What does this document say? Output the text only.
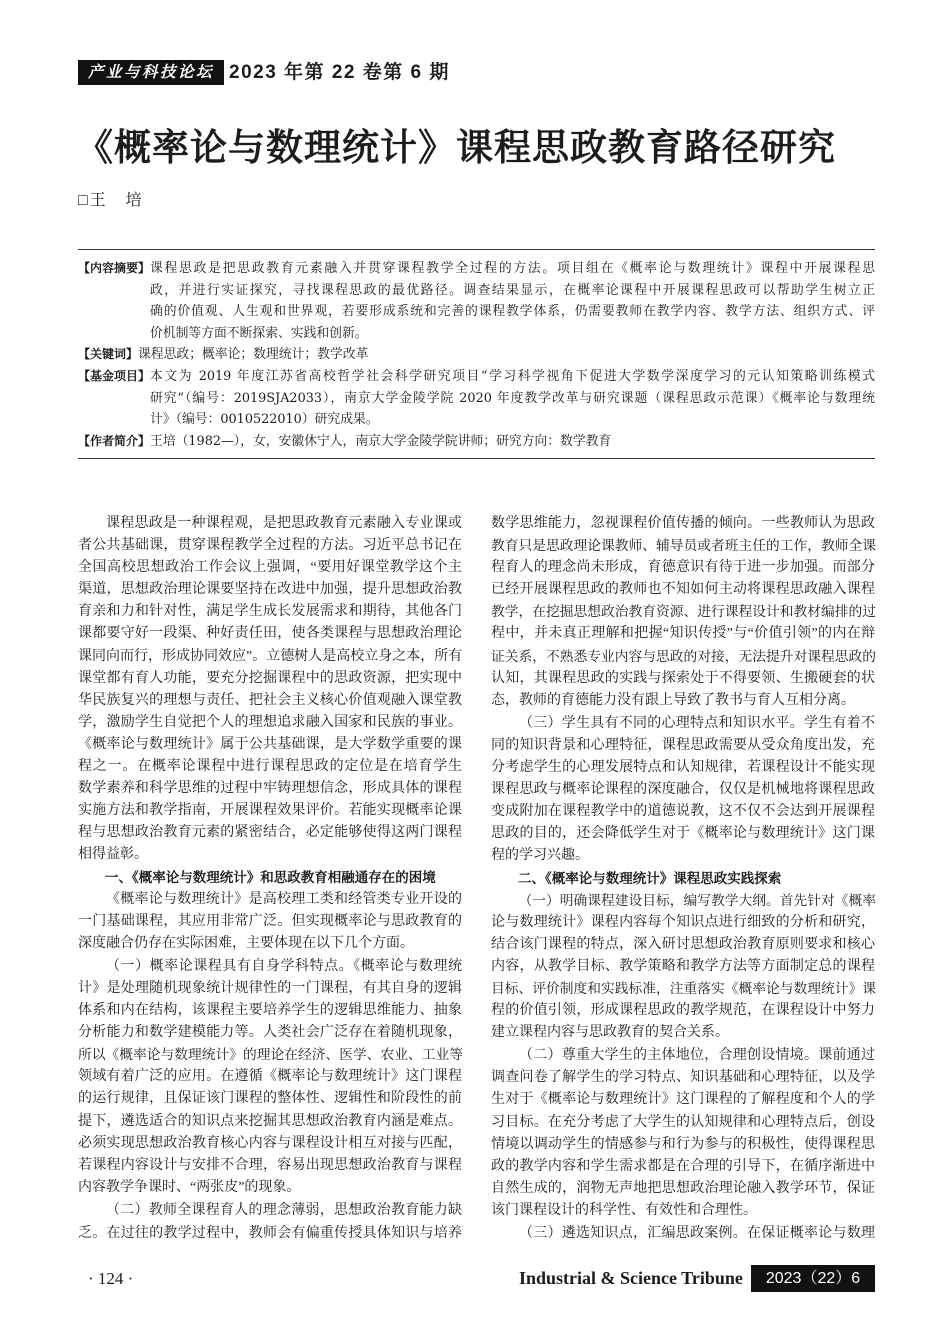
产业与科技论坛 2023 年第 22 卷第 6 期
《概率论与数理统计》课程思政教育路径研究
□王　培
【内容摘要】 课程思政是把思政教育元素融入并贯穿课程教学全过程的方法。项目组在《概率论与数理统计》课程中开展课程思
政，并进行实证探究，寻找课程思政的最优路径。调查结果显示，在概率论课程中开展课程思政可以帮助学生树立正
确的价值观、人生观和世界观，若要形成系统和完善的课程教学体系，仍需要教师在教学内容、教学方法、组织方式、评
价机制等方面不断探索、实践和创新。
【关键词】 课程思政；概率论；数理统计；教学改革
【基金项目】 本文为 2019 年度江苏省高校哲学社会科学研究项目“学习科学视角下促进大学数学深度学习的元认知策略训练模式
研究”（编号：2019SJA2033），南京大学金陵学院 2020 年度教学改革与研究课题（课程思政示范课）《概率论与数理统
计》（编号：0010522010）研究成果。
【作者简介】 王培（1982—），女，安徽休宁人，南京大学金陵学院讲师；研究方向：数学教育
课程思政是一种课程观，是把思政教育元素融入专业课或
者公共基础课，贯穿课程教学全过程的方法。习近平总书记在
全国高校思想政治工作会议上强调，“要用好课堂教学这个主
渠道，思想政治理论课要坚持在改进中加强，提升思想政治教
育亲和力和针对性，满足学生成长发展需求和期待，其他各门
课都要守好一段渠、种好责任田，使各类课程与思想政治理论
课同向而行，形成协同效应”。立德树人是高校立身之本，所有
课堂都有育人功能，要充分挖掘课程中的思政资源，把实现中
华民族复兴的理想与责任、把社会主义核心价值观融入课堂教
学，激励学生自觉把个人的理想追求融入国家和民族的事业。
《概率论与数理统计》属于公共基础课，是大学数学重要的课
程之一。在概率论课程中进行课程思政的定位是在培育学生
数学素养和科学思维的过程中牢铸理想信念，形成具体的课程
实施方法和教学指南，开展课程效果评价。若能实现概率论课
程与思想政治教育元素的紧密结合，必定能够使得这两门课程
相得益彰。
一、《概率论与数理统计》和思政教育相融通存在的困境
《概率论与数理统计》是高校理工类和经管类专业开设的
一门基础课程，其应用非常广泛。但实现概率论与思政教育的
深度融合仍存在实际困难，主要体现在以下几个方面。
（一）概率论课程具有自身学科特点。《概率论与数理统
计》是处理随机现象统计规律性的一门课程，有其自身的逻辑
体系和内在结构，该课程主要培养学生的逻辑思维能力、抽象
分析能力和数学建模能力等。人类社会广泛存在着随机现象，
所以《概率论与数理统计》的理论在经济、医学、农业、工业等
领域有着广泛的应用。在遵循《概率论与数理统计》这门课程
的运行规律，且保证该门课程的整体性、逻辑性和阶段性的前
提下，遴选适合的知识点来挖掘其思想政治教育内涵是难点。
必须实现思想政治教育核心内容与课程设计相互对接与匹配，
若课程内容设计与安排不合理，容易出现思想政治教育与课程
内容教学争课时、“两张皮”的现象。
（二）教师全课程育人的理念薄弱，思想政治教育能力缺
乏。在过往的教学过程中，教师会有偏重传授具体知识与培养
数学思维能力，忽视课程价值传播的倾向。一些教师认为思政
教育只是思政理论课教师、辅导员或者班主任的工作，教师全课
程育人的理念尚未形成，育德意识有待于进一步加强。而部分
已经开展课程思政的教师也不知如何主动将课程思政融入课程
教学，在挖掘思想政治教育资源、进行课程设计和教材编排的过
程中，并未真正理解和把握“知识传授”与“价值引领”的内在辩
证关系，不熟悉专业内容与思政的对接，无法提升对课程思政的
认知，其课程思政的实践与探索处于不得要领、生搬硬套的状
态，教师的育德能力没有跟上导致了教书与育人互相分离。
（三）学生具有不同的心理特点和知识水平。学生有着不
同的知识背景和心理特征，课程思政需要从受众角度出发，充
分考虑学生的心理发展特点和认知规律，若课程设计不能实现
课程思政与概率论课程的深度融合，仅仅是机械地将课程思政
变成附加在课程教学中的道德说教，这不仅不会达到开展课程
思政的目的，还会降低学生对于《概率论与数理统计》这门课
程的学习兴趣。
二、《概率论与数理统计》课程思政实践探索
（一）明确课程建设目标，编写教学大纲。首先针对《概率
论与数理统计》课程内容每个知识点进行细致的分析和研究，
结合该门课程的特点，深入研讨思想政治教育原则要求和核心
内容，从教学目标、教学策略和教学方法等方面制定总的课程
目标、评价制度和实践标准，注重落实《概率论与数理统计》课
程的价值引领，形成课程思政的教学规范，在课程设计中努力
建立课程内容与思政教育的契合关系。
（二）尊重大学生的主体地位，合理创设情境。课前通过
调查问卷了解学生的学习特点、知识基础和心理特征，以及学
生对于《概率论与数理统计》这门课程的了解程度和个人的学
习目标。在充分考虑了大学生的认知规律和心理特点后，创设
情境以调动学生的情感参与和行为参与的积极性，使得课程思
政的教学内容和学生需求都是在合理的引导下，在循序渐进中
自然生成的，润物无声地把思想政治理论融入教学环节，保证
该门课程设计的科学性、有效性和合理性。
（三）遴选知识点，汇编思政案例。在保证概率论与数理
· 124 ·	Industrial & Science Tribune	2023（22）6
